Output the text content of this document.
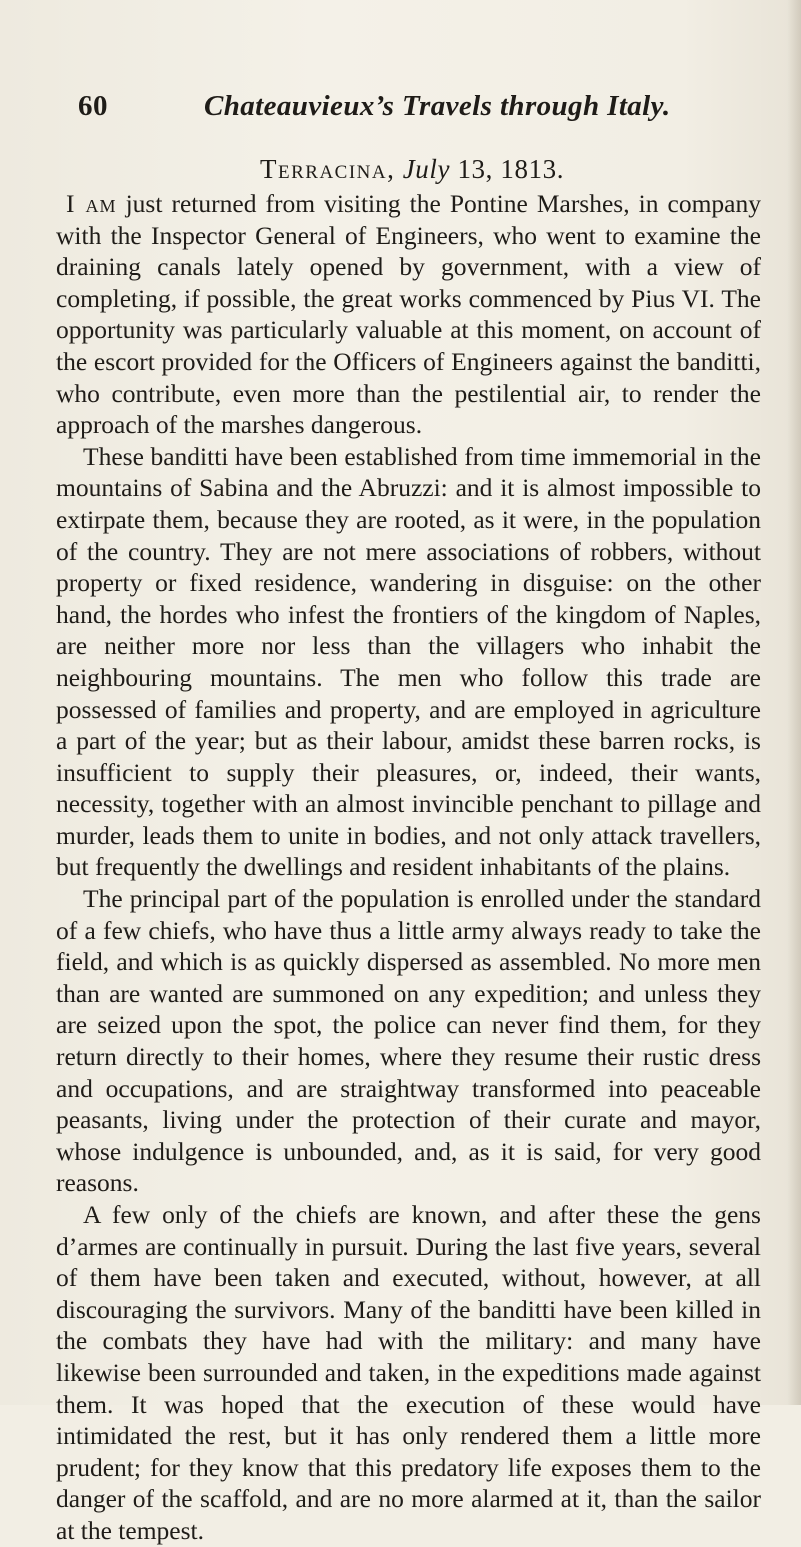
60	Chateauvieux’s Travels through Italy.
Terracina, July 13, 1813.

I am just returned from visiting the Pontine Marshes, in company with the Inspector General of Engineers, who went to examine the draining canals lately opened by government, with a view of completing, if possible, the great works commenced by Pius VI. The opportunity was particularly valuable at this moment, on account of the escort provided for the Officers of Engineers against the banditti, who contribute, even more than the pestilential air, to render the approach of the marshes dangerous.

These banditti have been established from time immemorial in the mountains of Sabina and the Abruzzi: and it is almost impossible to extirpate them, because they are rooted, as it were, in the population of the country. They are not mere associations of robbers, without property or fixed residence, wandering in disguise: on the other hand, the hordes who infest the frontiers of the kingdom of Naples, are neither more nor less than the villagers who inhabit the neighbouring mountains. The men who follow this trade are possessed of families and property, and are employed in agriculture a part of the year; but as their labour, amidst these barren rocks, is insufficient to supply their pleasures, or, indeed, their wants, necessity, together with an almost invincible penchant to pillage and murder, leads them to unite in bodies, and not only attack travellers, but frequently the dwellings and resident inhabitants of the plains.

The principal part of the population is enrolled under the standard of a few chiefs, who have thus a little army always ready to take the field, and which is as quickly dispersed as assembled. No more men than are wanted are summoned on any expedition; and unless they are seized upon the spot, the police can never find them, for they return directly to their homes, where they resume their rustic dress and occupations, and are straightway transformed into peaceable peasants, living under the protection of their curate and mayor, whose indulgence is unbounded, and, as it is said, for very good reasons.

A few only of the chiefs are known, and after these the gens d’armes are continually in pursuit. During the last five years, several of them have been taken and executed, without, however, at all discouraging the survivors. Many of the banditti have been killed in the combats they have had with the military: and many have likewise been surrounded and taken, in the expeditions made against them. It was hoped that the execution of these would have intimidated the rest, but it has only rendered them a little more prudent; for they know that this predatory life exposes them to the danger of the scaffold, and are no more alarmed at it, than the sailor at the tempest.
